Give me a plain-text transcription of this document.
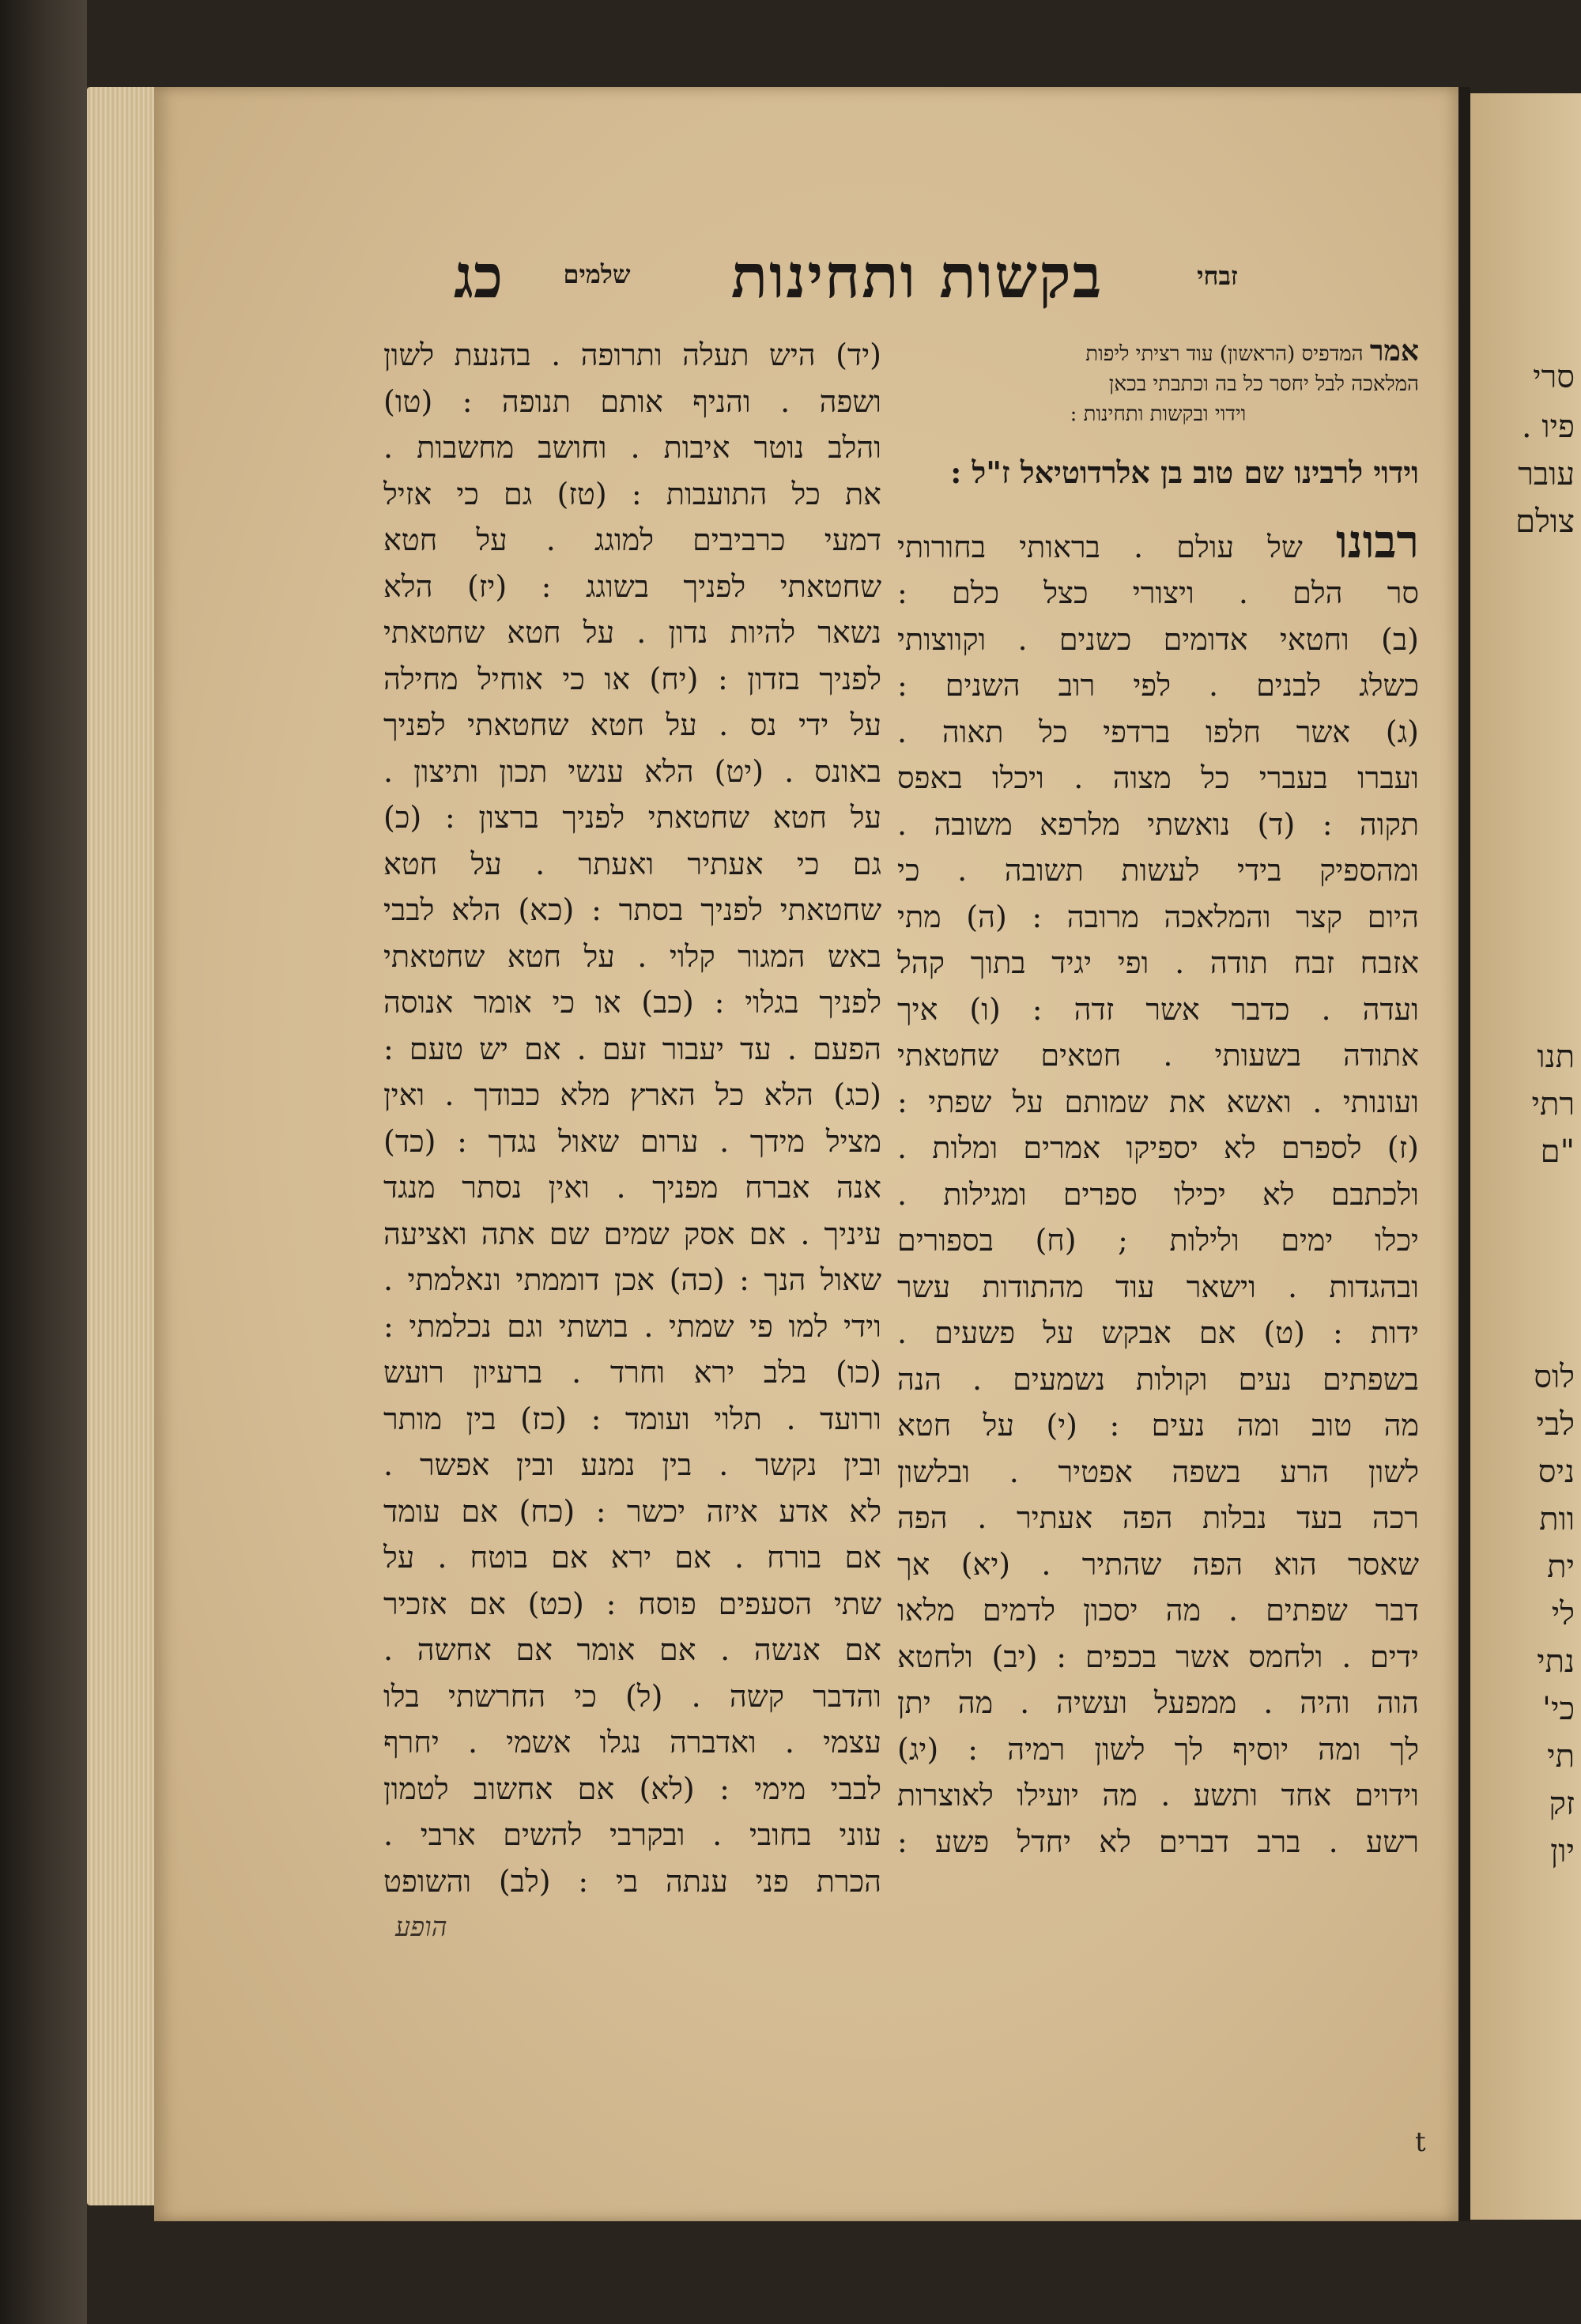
סרי
פיו .
עובר
צולם
תנו
רתי
"ם
לוס
לבי
ניס
וות
ית
לי
נתי
כי'
תי
זק
יון
זבחי
בקשות ותחינות
שלמים
כג

אמר המדפיס (הראשון) עוד רציתי ליפות

המלאכה לבל יחסר כל בה וכתבתי בכאן

וידוי ובקשות ותחינות :

וידוי לרבינו שם טוב בן אלרדוטיאל ז"ל :

רבונו של עולם . בראותי בחורותי

סר הלם . ויצורי כצל כלם :

(ב) וחטאי אדומים כשנים . וקווצותי

כשלג לבנים . לפי רוב השנים :

(ג) אשר חלפו ברדפי כל תאוה .

ועברו בעברי כל מצוה . ויכלו באפס

תקוה : (ד) נואשתי מלרפא משובה .

ומהספיק בידי לעשות תשובה . כי

היום קצר והמלאכה מרובה : (ה) מתי

אזבח זבח תודה . ופי יגיד בתוך קהל

ועדה . כדבר אשר זדה : (ו) איך

אתודה בשעותי . חטאים שחטאתי

ועונותי . ואשא את שמותם על שפתי :

(ז) לספרם לא יספיקו אמרים ומלות .

ולכתבם לא יכילו ספרים ומגילות .

יכלו ימים ולילות ; (ח) בספורים

ובהגדות . וישאר עוד מהתודות עשר

ידות : (ט) אם אבקש על פשעים .

בשפתים נעים וקולות נשמעים . הנה

מה טוב ומה נעים : (י) על חטא

לשון הרע בשפה אפטיר . ובלשון

רכה בעד נבלות הפה אעתיר . הפה

שאסר הוא הפה שהתיר . (יא) אך

דבר שפתים . מה יסכון לדמים מלאו

ידים . ולחמס אשר בכפים : (יב) ולחטא

הוה והיה . ממפעל ועשיה . מה יתן

לך ומה יוסיף לך לשון רמיה : (יג)

וידוים אחד ותשע . מה יועילו לאוצרות

רשע . ברב דברים לא יחדל פשע :

(יד) היש תעלה ותרופה . בהנעת לשון

ושפה . והניף אותם תנופה : (טו)

והלב נוטר איבות . וחושב מחשבות .

את כל התועבות : (טז) גם כי אזיל

דמעי כרביבים למוגג . על חטא

שחטאתי לפניך בשוגג : (יז) הלא

נשאר להיות נדון . על חטא שחטאתי

לפניך בזדון : (יח) או כי אוחיל מחילה

על ידי נס . על חטא שחטאתי לפניך

באונס . (יט) הלא ענשי תכון ותיצון .

על חטא שחטאתי לפניך ברצון : (כ)

גם כי אעתיר ואעתר . על חטא

שחטאתי לפניך בסתר : (כא) הלא לבבי

באש המגור קלוי . על חטא שחטאתי

לפניך בגלוי : (כב) או כי אומר אנוסה

הפעם . עד יעבור זעם . אם יש טעם :

(כג) הלא כל הארץ מלא כבודך . ואין

מציל מידך . ערום שאול נגדך : (כד)

אנה אברח מפניך . ואין נסתר מנגד

עיניך . אם אסק שמים שם אתה ואציעה

שאול הנך : (כה) אכן דוממתי ונאלמתי .

וידי למו פי שמתי . בושתי וגם נכלמתי :

(כו) בלב ירא וחרד . ברעיון רועש

ורועד . תלוי ועומד : (כז) בין מותר

ובין נקשר . בין נמנע ובין אפשר .

לא אדע איזה יכשר : (כח) אם עומד

אם בורח . אם ירא אם בוטח . על

שתי הסעפים פוסח : (כט) אם אזכיר

אם אנשה . אם אומר אם אחשה .

והדבר קשה . (ל) כי החרשתי בלו

עצמי . ואדברה נגלו אשמי . יחרף

לבבי מימי : (לא) אם אחשוב לטמון

עוני בחובי . ובקרבי להשים ארבי .

הכרת פני ענתה בי : (לב) והשופט

הופע
t
